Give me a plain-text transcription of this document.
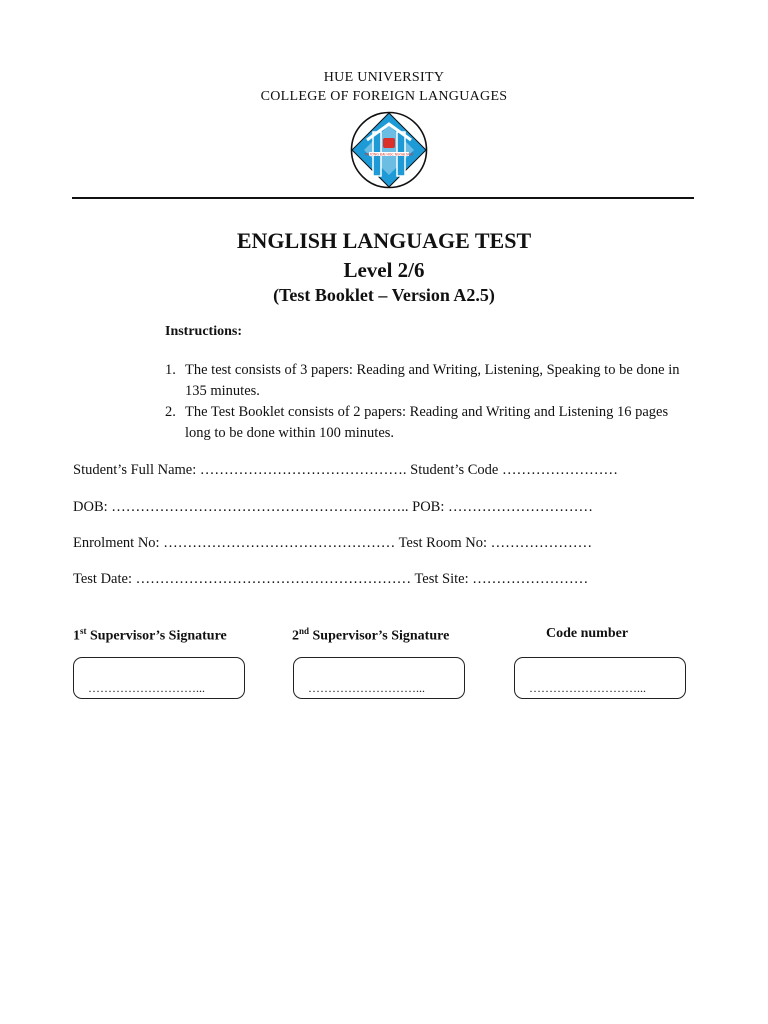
HUE UNIVERSITY
COLLEGE OF FOREIGN LANGUAGES
TRƯỜNG ĐẠI HỌC NGOẠI NGỮ
ENGLISH LANGUAGE TEST
Level 2/6
(Test Booklet – Version A2.5)
Instructions:
1. The test consists of 3 papers: Reading and Writing, Listening, Speaking to be done in 135 minutes.
2. The Test Booklet consists of 2 papers: Reading and Writing and Listening 16 pages long to be done within 100 minutes.
Student’s Full Name: ……………………………………. Student’s Code ……………………
DOB: …………………………………………………….. POB: …………………………
Enrolment No: ………………………………………… Test Room No: …………………
Test Date: ………………………………………………… Test Site: ……………………
1st Supervisor’s Signature	2nd Supervisor’s Signature	Code number
………………………...	………………………...	………………………...
